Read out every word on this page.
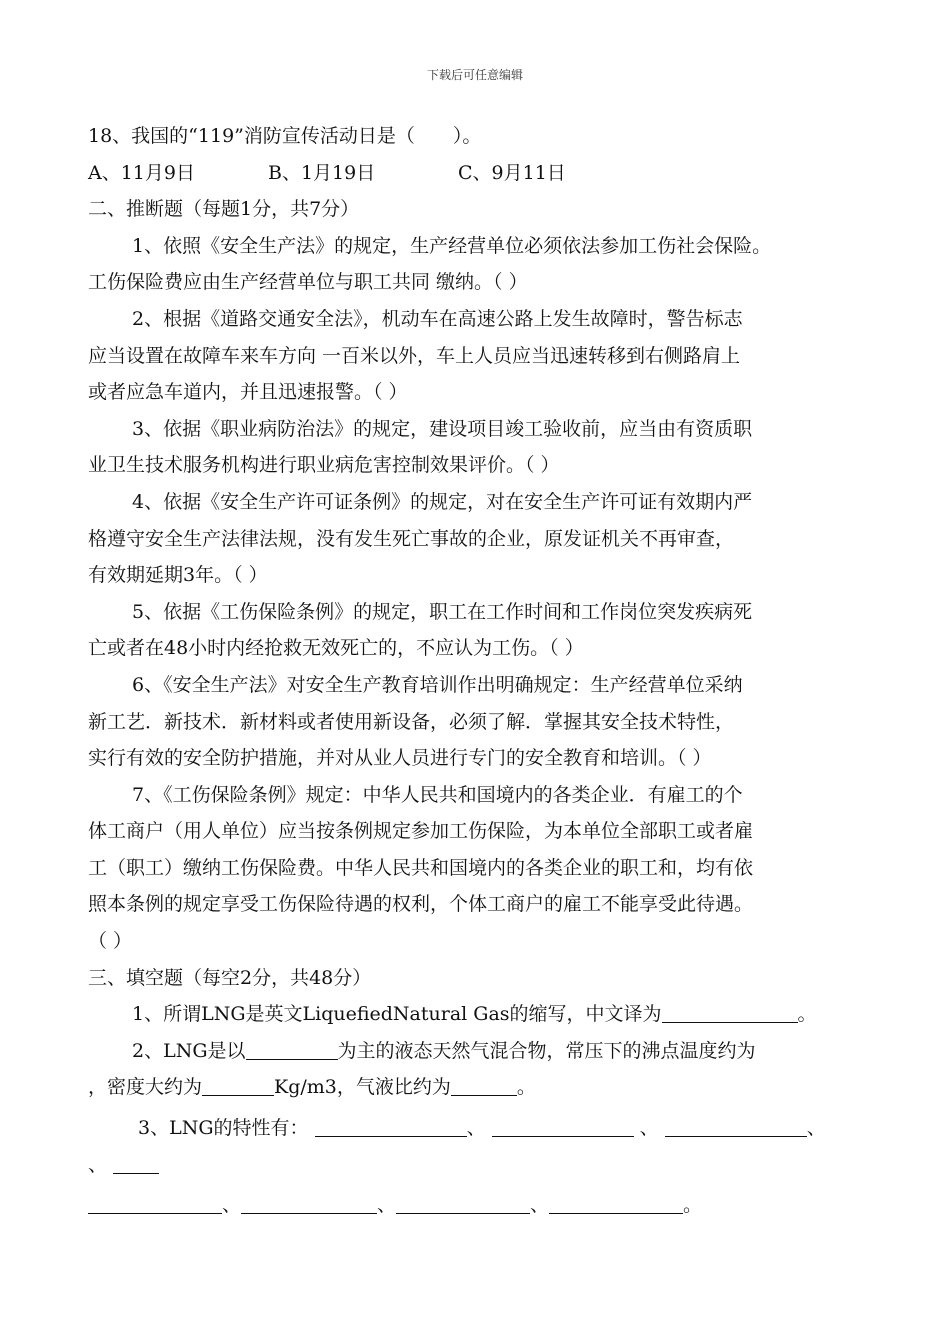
下载后可任意编辑
18、我国的“119”消防宣传活动日是（　　）。
A、11月9日	B、1月19日	C、9月11日
二、推断题（每题1分，共7分）
1、依照《安全生产法》的规定，生产经营单位必须依法参加工伤社会保险。
工伤保险费应由生产经营单位与职工共同 缴纳。（ ）
2、根据《道路交通安全法》，机动车在高速公路上发生故障时，警告标志
应当设置在故障车来车方向 一百米以外，车上人员应当迅速转移到右侧路肩上
或者应急车道内，并且迅速报警。（ ）
3、依据《职业病防治法》的规定，建设项目竣工验收前，应当由有资质职
业卫生技术服务机构进行职业病危害控制效果评价。（ ）
4、依据《安全生产许可证条例》的规定，对在安全生产许可证有效期内严
格遵守安全生产法律法规，没有发生死亡事故的企业，原发证机关不再审查，
有效期延期3年。（ ）
5、依据《工伤保险条例》的规定，职工在工作时间和工作岗位突发疾病死
亡或者在48小时内经抢救无效死亡的，不应认为工伤。（ ）
6、《安全生产法》对安全生产教育培训作出明确规定：生产经营单位采纳
新工艺．新技术．新材料或者使用新设备，必须了解．掌握其安全技术特性，
实行有效的安全防护措施，并对从业人员进行专门的安全教育和培训。（ ）
7、《工伤保险条例》规定：中华人民共和国境内的各类企业．有雇工的个
体工商户（用人单位）应当按条例规定参加工伤保险，为本单位全部职工或者雇
工（职工）缴纳工伤保险费。中华人民共和国境内的各类企业的职工和，均有依
照本条例的规定享受工伤保险待遇的权利，个体工商户的雇工不能享受此待遇。
（ ）
三、填空题（每空2分，共48分）
1、所谓LNG是英文LiquefiedNatural Gas的缩写，中文译为	。
2、LNG是以	为主的液态天然气混合物，常压下的沸点温度约为
，密度大约为	Kg/m3，气液比约为	。
3、LNG的特性有：	、	、	、
、
、	、	、	。
